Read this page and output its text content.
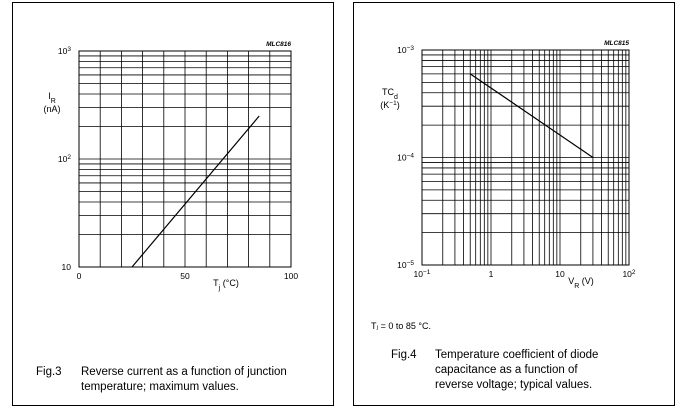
MLC816
10
$10^2$
$10^3$
0	50	100
$T_j$ (°C)
$I_R$
(nA)
Fig.3 Reverse current as a function of junction
temperature; maximum values.
MLC815
$10^{-5}$
$10^{-4}$
$10^{-3}$
$10^{-1}$	1	10	$10^2$
$V_R$ (V)
$TC_d$
$(K^{-1})$
Tⱼ = 0 to 85 °C.
Fig.4 Temperature coefficient of diode
capacitance as a function of
reverse voltage; typical values.
